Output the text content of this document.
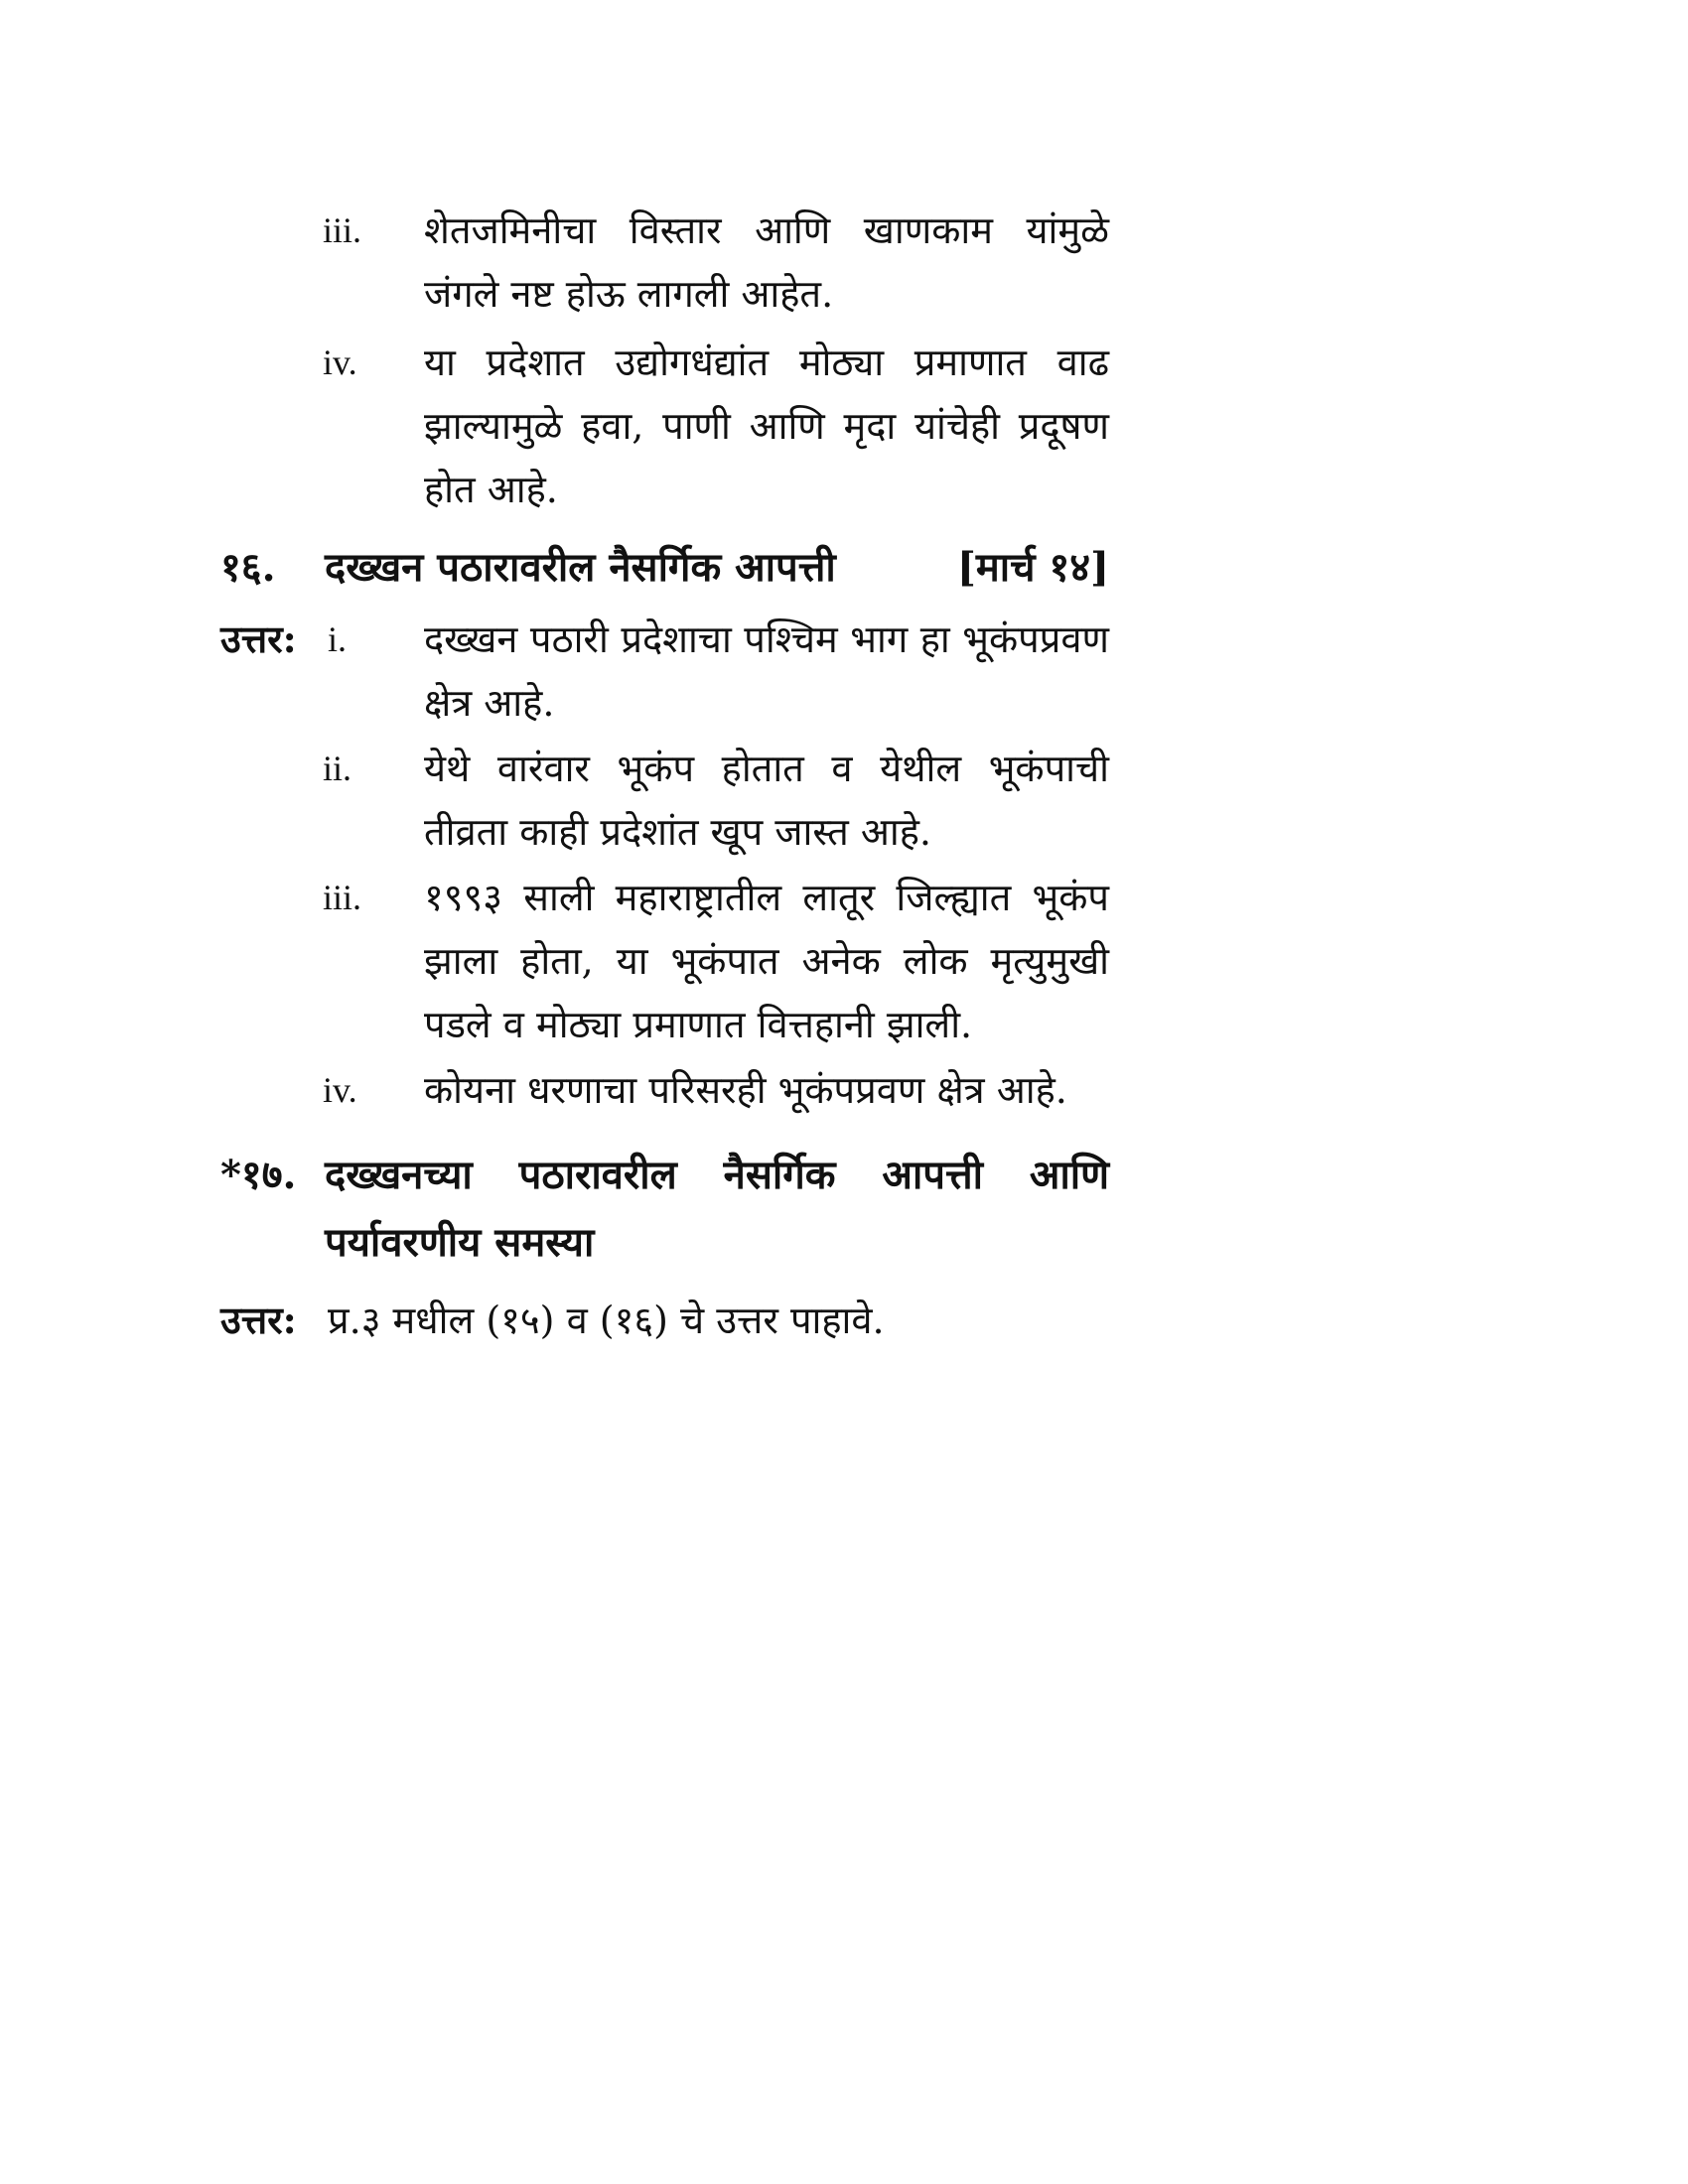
iii.	शेतजमिनीचा विस्तार आणि खाणकाम यांमुळे जंगले नष्ट होऊ लागली आहेत.
iv.	या प्रदेशात उद्योगधंद्यांत मोठ्या प्रमाणात वाढ झाल्यामुळे हवा, पाणी आणि मृदा यांचेही प्रदूषण होत आहे.
१६. दख्खन पठारावरील नैसर्गिक आपत्ती	[मार्च १४]
उत्तर: i.	दख्खन पठारी प्रदेशाचा पश्चिम भाग हा भूकंपप्रवण क्षेत्र आहे.
ii.	येथे वारंवार भूकंप होतात व येथील भूकंपाची तीव्रता काही प्रदेशांत खूप जास्त आहे.
iii.	१९९३ साली महाराष्ट्रातील लातूर जिल्ह्यात भूकंप झाला होता, या भूकंपात अनेक लोक मृत्युमुखी पडले व मोठ्या प्रमाणात वित्तहानी झाली.
iv.	कोयना धरणाचा परिसरही भूकंपप्रवण क्षेत्र आहे.
*१७. दख्खनच्या पठारावरील नैसर्गिक आपत्ती आणि पर्यावरणीय समस्या
उत्तर: प्र.३ मधील (१५) व (१६) चे उत्तर पाहावे.
